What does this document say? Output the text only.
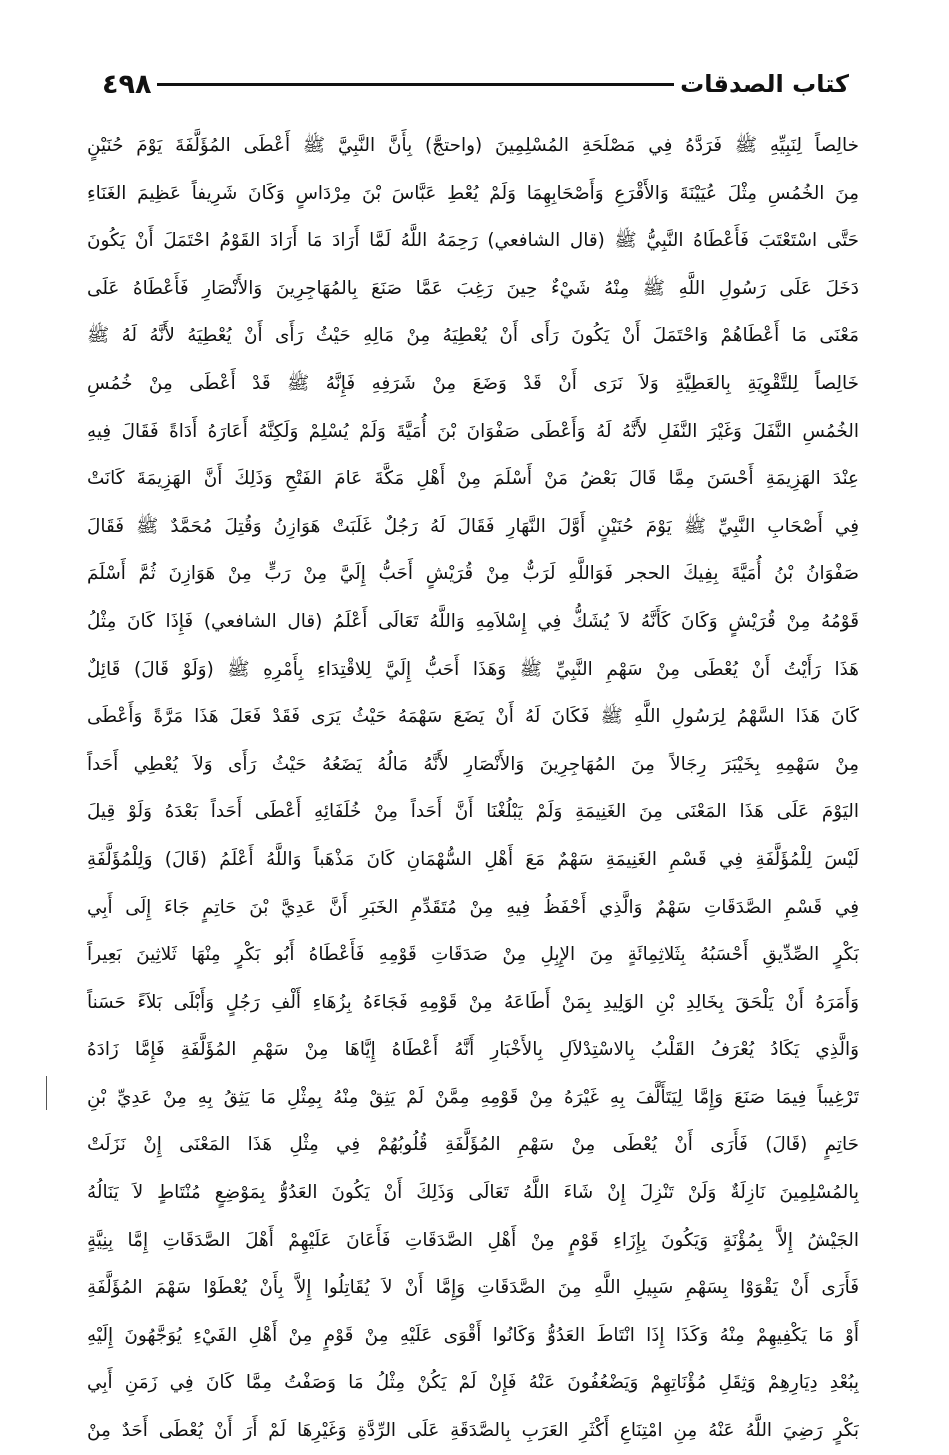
كتاب الصدقات
٤٩٨
خالِصاً لِنَبِيِّهِ ﷺ فَرَدَّهُ فِي مَصْلَحَةِ المُسْلِمِينَ (واحتجَّ) بِأَنَّ النَّبِيَّ ﷺ أَعْطَى المُؤَلَّفَةَ يَوْمَ حُنَيْنٍ
مِنَ الخُمُسِ مِثْلَ عُيَيْنَةَ وَالأَقْرَعِ وَأَصْحَابِهِمَا وَلَمْ يُعْطِ عَبَّاسَ بْنَ مِرْدَاسٍ وَكَانَ شَرِيفاً عَظِيمَ الغَنَاءِ
حَتَّى اسْتَعْتَبَ فَأَعْطَاهُ النَّبِيُّ ﷺ (قال الشافعي) رَحِمَهُ اللَّهُ لَمَّا أَرَادَ مَا أَرَادَ القَوْمُ احْتَمَلَ أَنْ يَكُونَ
دَخَلَ عَلَى رَسُولِ اللَّهِ ﷺ مِنْهُ شَيْءٌ حِينَ رَغِبَ عَمَّا صَنَعَ بِالمُهَاجِرِينَ وَالأَنْصَارِ فَأَعْطَاهُ عَلَى
مَعْنَى مَا أَعْطَاهُمْ وَاحْتَمَلَ أَنْ يَكُونَ رَأَى أَنْ يُعْطِيَهُ مِنْ مَالِهِ حَيْثُ رَأَى أَنْ يُعْطِيَهُ لأَنَّهُ لَهُ ﷺ
خَالِصاً لِلتَّقْوِيَةِ بِالعَطِيَّةِ وَلاَ نَرَى أَنْ قَدْ وَضَعَ مِنْ شَرَفِهِ فَإِنَّهُ ﷺ قَدْ أَعْطَى مِنْ خُمُسِ
الخُمُسِ النَّفَلَ وَغَيْرَ النَّفَلِ لأَنَّهُ لَهُ وَأَعْطَى صَفْوَانَ بْنَ أُمَيَّةَ وَلَمْ يُسْلِمْ وَلَكِنَّهُ أَعَارَهُ أَدَاةً فَقَالَ فِيهِ
عِنْدَ الهَزِيمَةِ أَحْسَنَ مِمَّا قَالَ بَعْضُ مَنْ أَسْلَمَ مِنْ أَهْلِ مَكَّةَ عَامَ الفَتْحِ وَذَلِكَ أَنَّ الهَزِيمَةَ كَانَتْ
فِي أَصْحَابِ النَّبِيِّ ﷺ يَوْمَ حُنَيْنٍ أَوَّلَ النَّهَارِ فَقَالَ لَهُ رَجُلٌ غَلَبَتْ هَوَازِنُ وَقُتِلَ مُحَمَّدٌ ﷺ فَقَالَ
صَفْوَانُ بْنُ أُمَيَّةَ بِفِيكَ الحجر فَوَاللَّهِ لَرَبٌّ مِنْ قُرَيْشٍ أَحَبُّ إِلَيَّ مِنْ رَبٍّ مِنْ هَوَازِنَ ثُمَّ أَسْلَمَ
قَوْمُهُ مِنْ قُرَيْشٍ وَكَانَ كَأَنَّهُ لاَ يُشَكُّ فِي إِسْلاَمِهِ وَاللَّهُ تَعَالَى أَعْلَمُ (قال الشافعي) فَإِذَا كَانَ مِثْلُ
هَذَا رَأَيْتُ أَنْ يُعْطَى مِنْ سَهْمِ النَّبِيِّ ﷺ وَهَذَا أَحَبُّ إِلَيَّ لِلاقْتِدَاءِ بِأَمْرِهِ ﷺ (وَلَوْ قَالَ) قَائِلٌ
كَانَ هَذَا السَّهْمُ لِرَسُولِ اللَّهِ ﷺ فَكَانَ لَهُ أَنْ يَضَعَ سَهْمَهُ حَيْثُ يَرَى فَقَدْ فَعَلَ هَذَا مَرَّةً وَأَعْطَى
مِنْ سَهْمِهِ بِخَيْبَرَ رِجَالاً مِنَ المُهَاجِرِينَ وَالأَنْصَارِ لأَنَّهُ مَالُهُ يَضَعُهُ حَيْثُ رَأَى وَلاَ يُعْطِي أَحَداً
اليَوْمَ عَلَى هَذَا المَعْنَى مِنَ الغَنِيمَةِ وَلَمْ يَبْلُغْنَا أَنَّ أَحَداً مِنْ خُلَفَائِهِ أَعْطَى أَحَداً بَعْدَهُ وَلَوْ قِيلَ
لَيْسَ لِلْمُؤَلَّفَةِ فِي قَسْمِ الغَنِيمَةِ سَهْمٌ مَعَ أَهْلِ السُّهْمَانِ كَانَ مَذْهَباً وَاللَّهُ أَعْلَمُ (قَالَ) وَلِلْمُؤَلَّفَةِ
فِي قَسْمِ الصَّدَقَاتِ سَهْمٌ وَالَّذِي أَحْفَظُ فِيهِ مِنْ مُتَقَدِّمِ الخَبَرِ أَنَّ عَدِيَّ بْنَ حَاتِمٍ جَاءَ إِلَى أَبِي
بَكْرٍ الصِّدِّيقِ أَحْسَبُهُ بِثَلاثِمِائَةٍ مِنَ الإِبِلِ مِنْ صَدَقَاتِ قَوْمِهِ فَأَعْطَاهُ أَبُو بَكْرٍ مِنْهَا ثَلاثِينَ بَعِيراً
وَأَمَرَهُ أَنْ يَلْحَقَ بِخَالِدِ بْنِ الوَلِيدِ بِمَنْ أَطَاعَهُ مِنْ قَوْمِهِ فَجَاءَهُ بِزُهَاءِ أَلْفِ رَجُلٍ وَأَبْلَى بَلاَءً حَسَناً
وَالَّذِي يَكَادُ يُعْرَفُ القَلْبُ بِالاسْتِدْلاَلِ بِالأَخْبَارِ أَنَّهُ أَعْطَاهُ إِيَّاهَا مِنْ سَهْمِ المُؤَلَّفَةِ فَإِمَّا زَادَهُ
تَرْغِيباً فِيمَا صَنَعَ وَإِمَّا لِيَتَأَلَّفَ بِهِ غَيْرَهُ مِنْ قَوْمِهِ مِمَّنْ لَمْ يَثِقْ مِنْهُ بِمِثْلِ مَا يَثِقُ بِهِ مِنْ عَدِيِّ بْنِ
حَاتِمٍ (قَالَ) فَأَرَى أَنْ يُعْطَى مِنْ سَهْمِ المُؤَلَّفَةِ قُلُوبُهُمْ فِي مِثْلِ هَذَا المَعْنَى إِنْ نَزَلَتْ
بِالمُسْلِمِينَ نَازِلَةٌ وَلَنْ تَنْزِلَ إِنْ شَاءَ اللَّهُ تَعَالَى وَذَلِكَ أَنْ يَكُونَ العَدُوُّ بِمَوْضِعٍ مُنْتَاطٍ لاَ يَنَالُهُ
الجَيْشُ إِلاَّ بِمُؤْنَةٍ وَيَكُونَ بِإِزَاءِ قَوْمٍ مِنْ أَهْلِ الصَّدَقَاتِ فَأَعَانَ عَلَيْهِمْ أَهْلَ الصَّدَقَاتِ إِمَّا بِنِيَّةٍ
فَأَرَى أَنْ يَقْوَوْا بِسَهْمِ سَبِيلِ اللَّهِ مِنَ الصَّدَقَاتِ وَإِمَّا أَنْ لاَ يُقَاتِلُوا إِلاَّ بِأَنْ يُعْطَوْا سَهْمَ المُؤَلَّفَةِ
أَوْ مَا يَكْفِيهِمْ مِنْهُ وَكَذَا إِذَا انْتَاطَ العَدُوُّ وَكَانُوا أَقْوَى عَلَيْهِ مِنْ قَوْمٍ مِنْ أَهْلِ الفَيْءِ يُوَجَّهُونَ إِلَيْهِ
بِبُعْدِ دِيَارِهِمْ وَثِقَلِ مُؤْنَاتِهِمْ وَيَضْعُفُونَ عَنْهُ فَإِنْ لَمْ يَكُنْ مِثْلُ مَا وَصَفْتُ مِمَّا كَانَ فِي زَمَنِ أَبِي
بَكْرٍ رَضِيَ اللَّهُ عَنْهُ مِنِ امْتِنَاعِ أَكْثَرِ العَرَبِ بِالصَّدَقَةِ عَلَى الرِّدَّةِ وَغَيْرِهَا لَمْ أَرَ أَنْ يُعْطَى أَحَدٌ مِنْ
